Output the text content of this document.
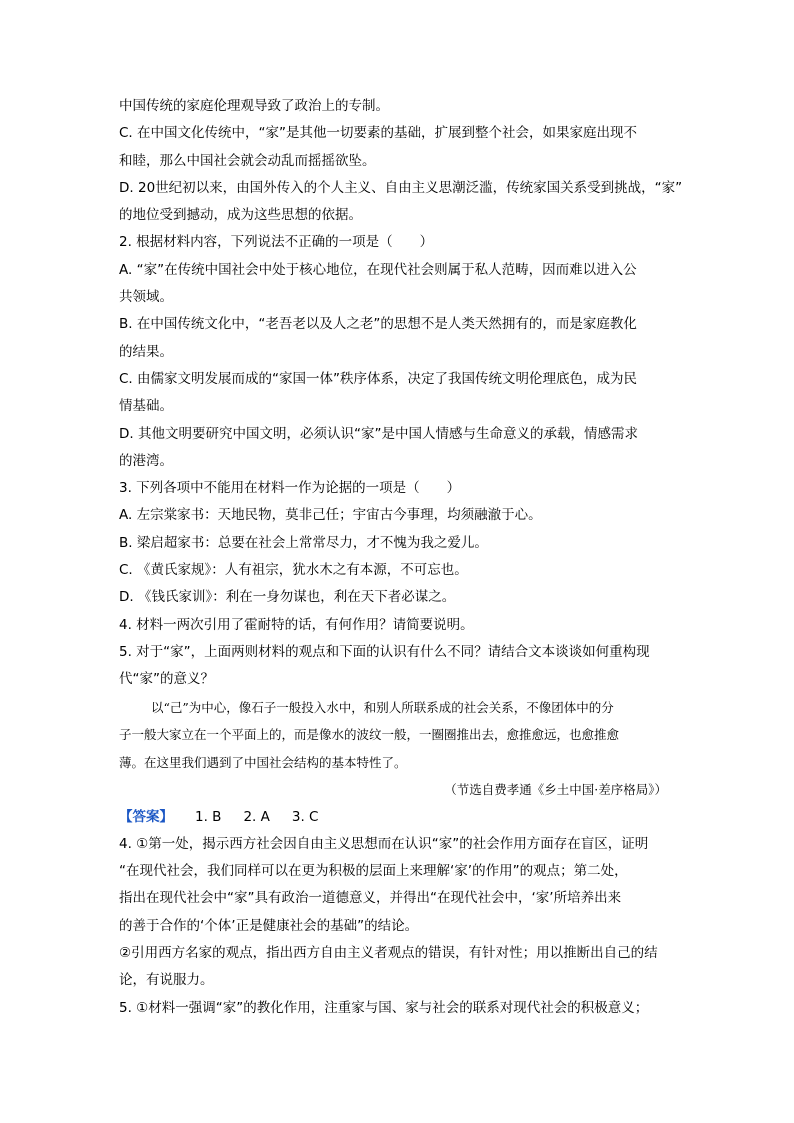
中国传统的家庭伦理观导致了政治上的专制。
C. 在中国文化传统中，“家”是其他一切要素的基础，扩展到整个社会，如果家庭出现不
和睦，那么中国社会就会动乱而摇摇欲坠。
D. 20世纪初以来，由国外传入的个人主义、自由主义思潮泛滥，传统家国关系受到挑战，“家”
的地位受到撼动，成为这些思想的依据。
2. 根据材料内容，下列说法不正确的一项是（　　）
A. “家”在传统中国社会中处于核心地位，在现代社会则属于私人范畴，因而难以进入公
共领域。
B. 在中国传统文化中，“老吾老以及人之老”的思想不是人类天然拥有的，而是家庭教化
的结果。
C. 由儒家文明发展而成的“家国一体”秩序体系，决定了我国传统文明伦理底色，成为民
情基础。
D. 其他文明要研究中国文明，必须认识“家”是中国人情感与生命意义的承载，情感需求
的港湾。
3. 下列各项中不能用在材料一作为论据的一项是（　　）
A. 左宗棠家书：天地民物，莫非己任；宇宙古今事理，均须融澈于心。
B. 梁启超家书：总要在社会上常常尽力，才不愧为我之爱儿。
C. 《黄氏家规》：人有祖宗，犹水木之有本源，不可忘也。
D. 《钱氏家训》：利在一身勿谋也，利在天下者必谋之。
4. 材料一两次引用了霍耐特的话，有何作用？请简要说明。
5. 对于“家”，上面两则材料的观点和下面的认识有什么不同？请结合文本谈谈如何重构现
代“家”的意义？
以“己”为中心，像石子一般投入水中，和别人所联系成的社会关系，不像团体中的分
子一般大家立在一个平面上的，而是像水的波纹一般，一圈圈推出去，愈推愈远，也愈推愈
薄。在这里我们遇到了中国社会结构的基本特性了。
（节选自费孝通《乡土中国·差序格局》）
【答案】 1. B 2. A 3. C
4. ①第一处，揭示西方社会因自由主义思想而在认识“家”的社会作用方面存在盲区，证明
“在现代社会，我们同样可以在更为积极的层面上来理解‘家’的作用”的观点；第二处，
指出在现代社会中“家”具有政治一道德意义，并得出“在现代社会中，‘家’所培养出来
的善于合作的‘个体’正是健康社会的基础”的结论。
②引用西方名家的观点，指出西方自由主义者观点的错误，有针对性；用以推断出自己的结
论，有说服力。
5. ①材料一强调“家”的教化作用，注重家与国、家与社会的联系对现代社会的积极意义；
